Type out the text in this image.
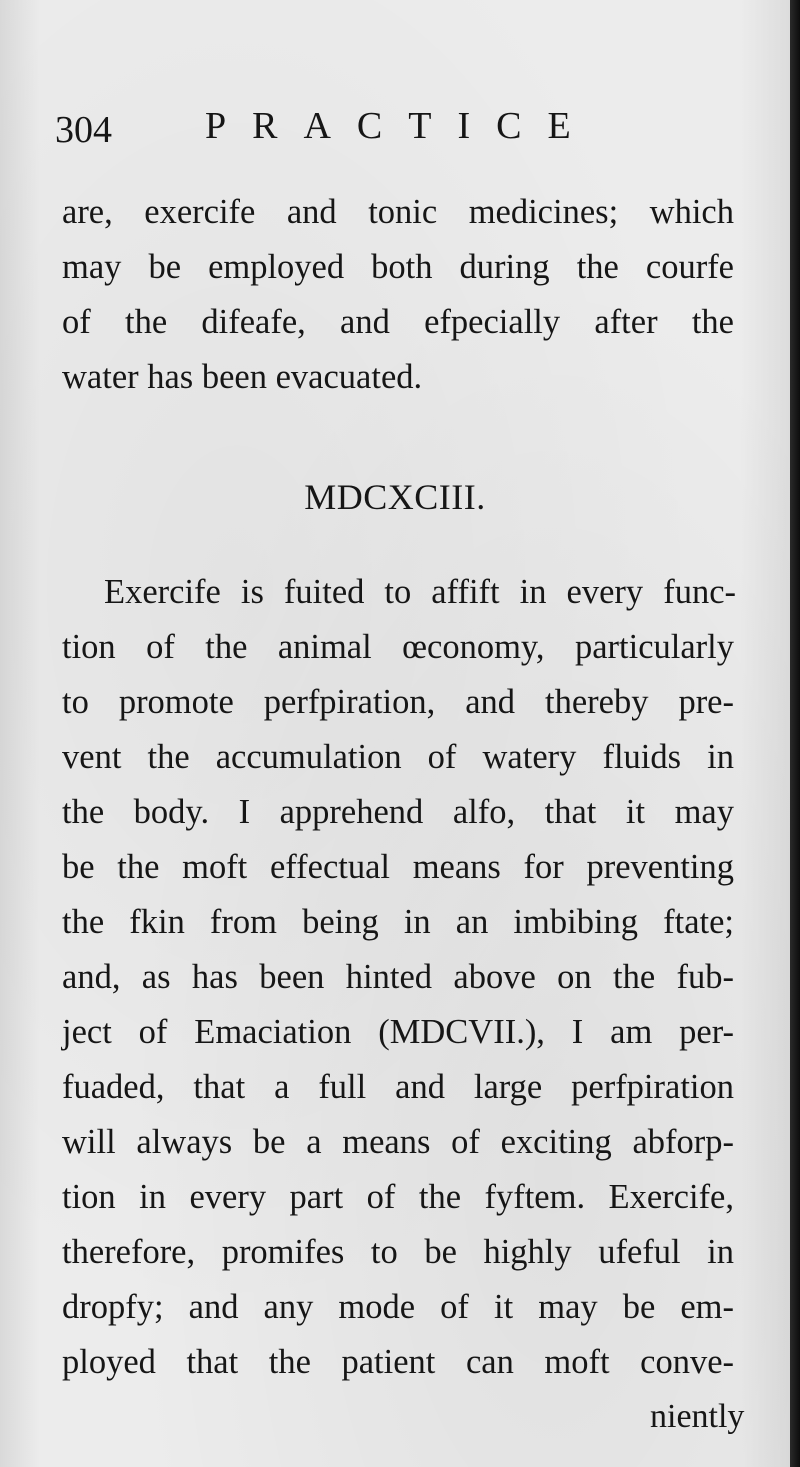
304 PRACTICE
are, exercife and tonic medicines; which
may be employed both during the courfe
of the difeafe, and efpecially after the
water has been evacuated.
MDCXCIII.
Exercife is fuited to affift in every func-
tion of the animal œconomy, particularly
to promote perfpiration, and thereby pre-
vent the accumulation of watery fluids in
the body. I apprehend alfo, that it may
be the moft effectual means for preventing
the fkin from being in an imbibing ftate;
and, as has been hinted above on the fub-
ject of Emaciation (MDCVII.), I am per-
fuaded, that a full and large perfpiration
will always be a means of exciting abforp-
tion in every part of the fyftem. Exercife,
therefore, promifes to be highly ufeful in
dropfy; and any mode of it may be em-
ployed that the patient can moft conve-
niently
